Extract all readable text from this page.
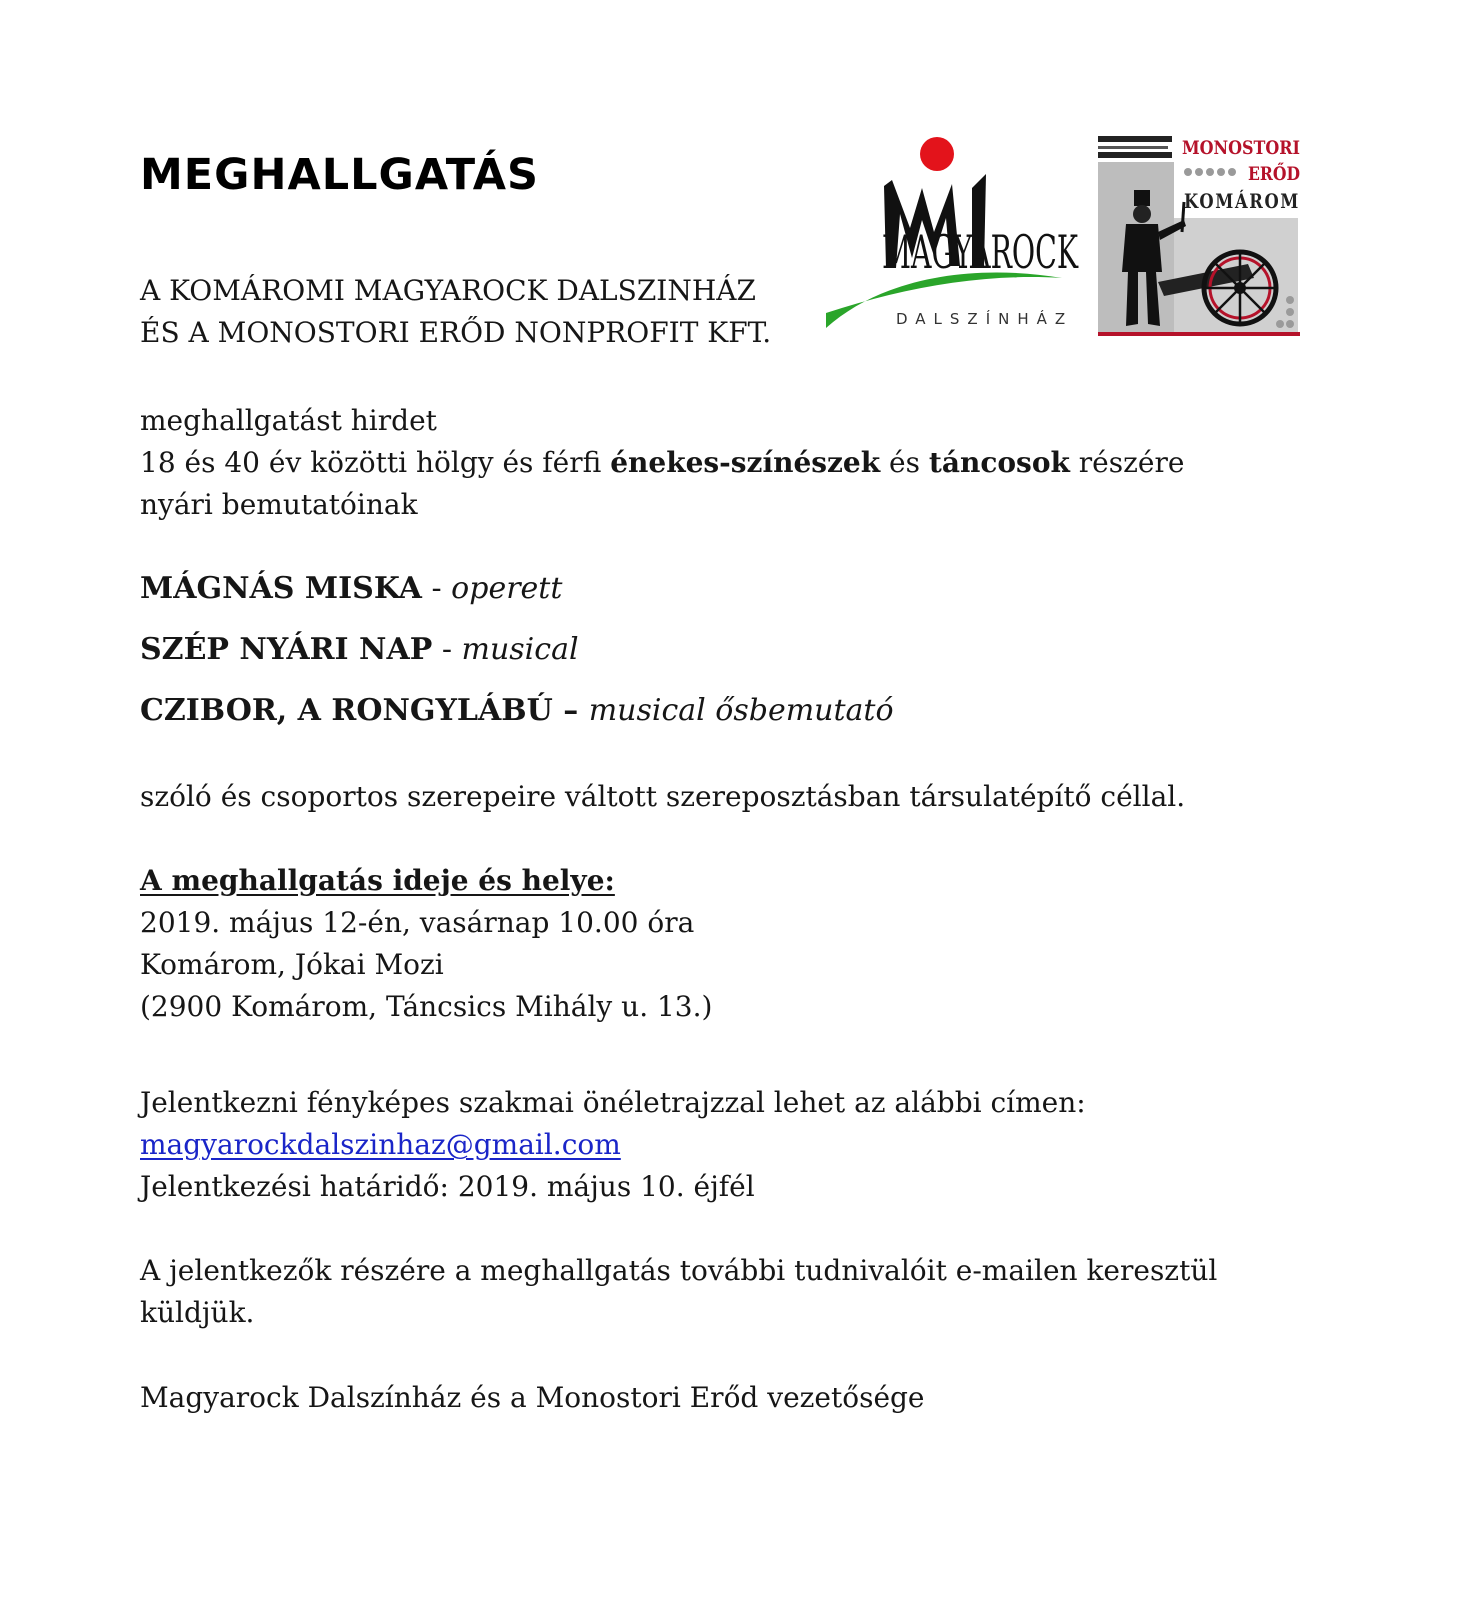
MEGHALLGATÁS
MAGYAROCK
DALSZÍNHÁZ
MONOSTORI
ERŐD
KOMÁROM
A KOMÁROMI MAGYAROCK DALSZINHÁZ
ÉS A MONOSTORI ERŐD NONPROFIT KFT.
meghallgatást hirdet
18 és 40 év közötti hölgy és férfi énekes-színészek és táncosok részére
nyári bemutatóinak
MÁGNÁS MISKA - operett
SZÉP NYÁRI NAP - musical
CZIBOR, A RONGYLÁBÚ – musical ősbemutató

szóló és csoportos szerepeire váltott szereposztásban társulatépítő céllal.

A meghallgatás ideje és helye:
2019. május 12-én, vasárnap 10.00 óra
Komárom, Jókai Mozi
(2900 Komárom, Táncsics Mihály u. 13.)
Jelentkezni fényképes szakmai önéletrajzzal lehet az alábbi címen:
magyarockdalszinhaz@gmail.com
Jelentkezési határidő: 2019. május 10. éjfél

A jelentkezők részére a meghallgatás további tudnivalóit e-mailen keresztül küldjük.

Magyarock Dalszínház és a Monostori Erőd vezetősége
